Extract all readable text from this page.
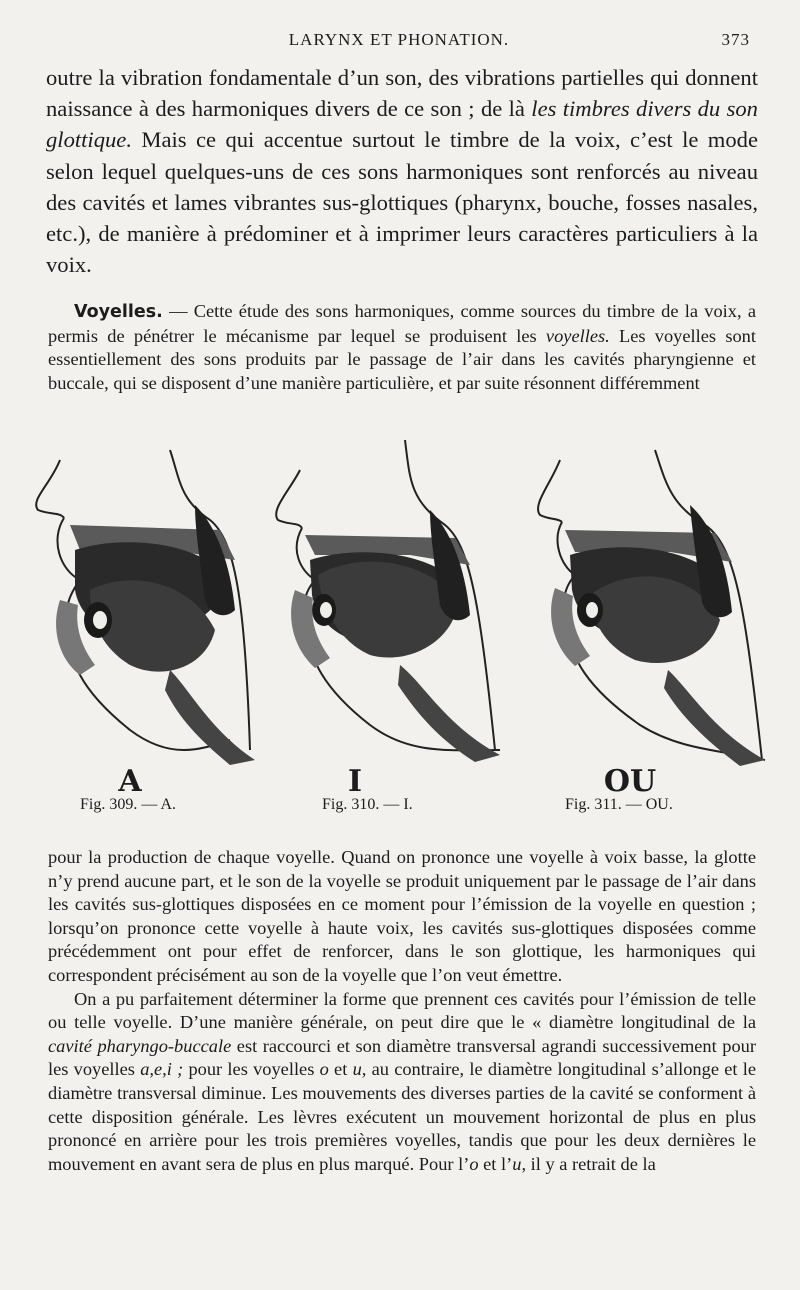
LARYNX ET PHONATION.	373

outre la vibration fondamentale d’un son, des vibrations partielles qui donnent naissance à des harmoniques divers de ce son ; de là les timbres divers du son glottique. Mais ce qui accentue surtout le timbre de la voix, c’est le mode selon lequel quelques-uns de ces sons harmoniques sont renforcés au niveau des cavités et lames vibrantes sus-glottiques (pharynx, bouche, fosses nasales, etc.), de manière à prédominer et à imprimer leurs caractères particuliers à la voix.

Voyelles. — Cette étude des sons harmoniques, comme sources du timbre de la voix, a permis de pénétrer le mécanisme par lequel se produisent les voyelles. Les voyelles sont essentiellement des sons produits par le passage de l’air dans les cavités pharyngienne et buccale, qui se disposent d’une manière particulière, et par suite résonnent différemment

A
Fig. 309. — A.
I
Fig. 310. — I.
OU
Fig. 311. — OU.

pour la production de chaque voyelle. Quand on prononce une voyelle à voix basse, la glotte n’y prend aucune part, et le son de la voyelle se produit uniquement par le passage de l’air dans les cavités sus-glottiques disposées en ce moment pour l’émission de la voyelle en question ; lorsqu’on prononce cette voyelle à haute voix, les cavités sus-glottiques disposées comme précédemment ont pour effet de renforcer, dans le son glottique, les harmoniques qui correspondent précisément au son de la voyelle que l’on veut émettre.

On a pu parfaitement déterminer la forme que prennent ces cavités pour l’émission de telle ou telle voyelle. D’une manière générale, on peut dire que le « diamètre longitudinal de la cavité pharyngo-buccale est raccourci et son diamètre transversal agrandi successivement pour les voyelles a,e,i ; pour les voyelles o et u, au contraire, le diamètre longitudinal s’allonge et le diamètre transversal diminue. Les mouvements des diverses parties de la cavité se conforment à cette disposition générale. Les lèvres exécutent un mouvement horizontal de plus en plus prononcé en arrière pour les trois premières voyelles, tandis que pour les deux dernières le mouvement en avant sera de plus en plus marqué. Pour l’o et l’u, il y a retrait de la
